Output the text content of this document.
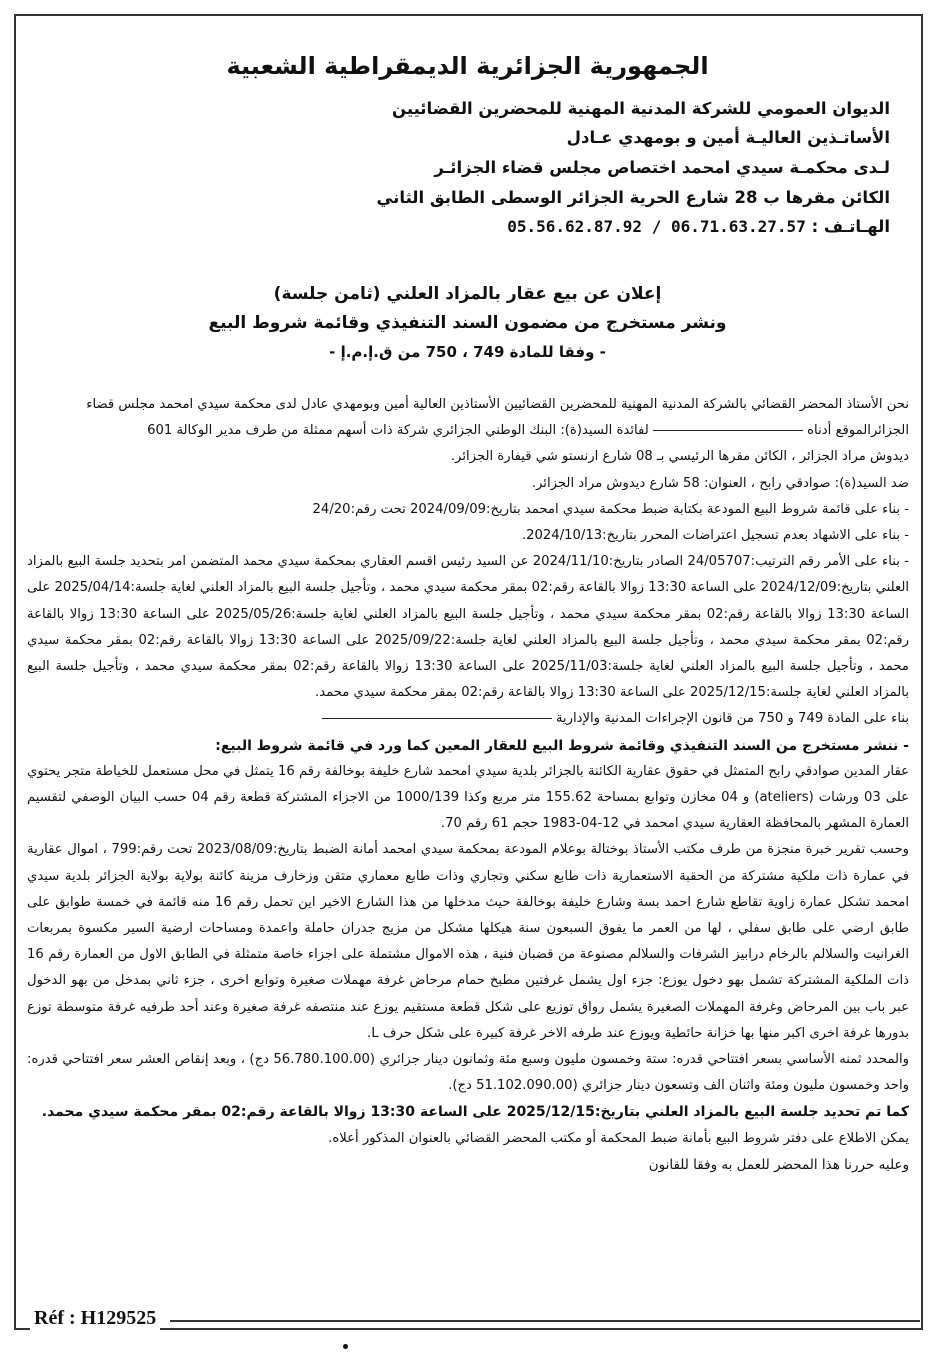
الجمهورية الجزائرية الديمقراطية الشعبية
الديوان العمومي للشركة المدنية المهنية للمحضرين القضائيين
الأساتـذين العاليـة أمين و بومهدي عـادل
لـدى محكمـة سيدي امحمد اختصاص مجلس قضاء الجزائـر
الكائن مقرها ب 28 شارع الحرية الجزائر الوسطى الطابق الثاني
الهـاتـف : 05.56.62.87.92 / 06.71.63.27.57
إعلان عن بيع عقار بالمزاد العلني (ثامن جلسة)
ونشر مستخرج من مضمون السند التنفيذي وقائمة شروط البيع
- وفقا للمادة 749 ، 750 من ق.إ.م.إ -

نحن الأستاذ المحضر القضائي بالشركة المدنية المهنية للمحضرين القضائيين الأستاذين العالية أمين وبومهدي عادل لدى محكمة سيدي امحمد مجلس قضاء

الجزائرالموقع أدناه  لفائدة السيد(ة): البنك الوطني الجزائري شركة ذات أسهم ممثلة من طرف مدير الوكالة 601

ديدوش مراد الجزائر ، الكائن مقرها الرئيسي بـ 08 شارع ارنستو شي قيفارة الجزائر.

ضد السيد(ة): صوادقي رابح ، العنوان: 58 شارع ديدوش مراد الجزائر.

- بناء على قائمة شروط البيع المودعة بكتابة ضبط محكمة سيدي امحمد بتاريخ:2024/09/09 تحت رقم:24/20

- بناء على الاشهاد بعدم تسجيل اعتراضات المحرر بتاريخ:2024/10/13.

- بناء على الأمر رقم الترتيب:24/05707 الصادر بتاريخ:2024/11/10 عن السيد رئيس اقسم العقاري بمحكمة سيدي محمد المتضمن امر بتحديد جلسة البيع بالمزاد العلني بتاريخ:2024/12/09 على الساعة 13:30 زوالا بالقاعة رقم:02 بمقر محكمة سيدي محمد ، وتأجيل جلسة البيع بالمزاد العلني لغاية جلسة:2025/04/14 على الساعة 13:30 زوالا بالقاعة رقم:02 بمقر محكمة سيدي محمد ، وتأجيل جلسة البيع بالمزاد العلني لغاية جلسة:2025/05/26 على الساعة 13:30 زوالا بالقاعة رقم:02 بمقر محكمة سيدي محمد ، وتأجيل جلسة البيع بالمزاد العلني لغاية جلسة:2025/09/22 على الساعة 13:30 زوالا بالقاعة رقم:02 بمقر محكمة سيدي محمد ، وتأجيل جلسة البيع بالمزاد العلني لغاية جلسة:2025/11/03 على الساعة 13:30 زوالا بالقاعة رقم:02 بمقر محكمة سيدي محمد ، وتأجيل جلسة البيع بالمزاد العلني لغاية جلسة:2025/12/15 على الساعة 13:30 زوالا بالقاعة رقم:02 بمقر محكمة سيدي محمد.

بناء على المادة 749 و 750 من قانون الإجراءات المدنية والإدارية

- ننشر مستخرج من السند التنفيذي وقائمة شروط البيع للعقار المعين كما ورد في قائمة شروط البيع:

عقار المدين صوادقي رابح المتمثل في حقوق عقارية الكائنة بالجزائر بلدية سيدي امحمد شارع خليفة بوخالفة رقم 16 يتمثل في محل مستعمل للخياطة متجر يحتوي على 03 ورشات (ateliers) و 04 مخازن وتوابع بمساحة 155.62 متر مربع وكذا 1000/139 من الاجزاء المشتركة قطعة رقم 04 حسب البيان الوصفي لتقسيم العمارة المشهر بالمحافظة العقارية سيدي امحمد في 12-04-1983 حجم 61 رقم 70.

وحسب تقرير خبرة منجزة من طرف مكتب الأستاذ بوختالة بوعلام المودعة بمحكمة سيدي امحمد أمانة الضبط بتاريخ:2023/08/09 تحت رقم:799 ، اموال عقارية في عمارة ذات ملكية مشتركة من الحقبة الاستعمارية ذات طابع سكني وتجاري وذات طابع معماري متقن وزخارف مزينة كائنة بولاية بولاية الجزائر بلدية سيدي امحمد تشكل عمارة زاوية تقاطع شارع احمد بسة وشارع خليفة بوخالفة حيث مدخلها من هذا الشارع الاخير اين تحمل رقم 16 منه قائمة في خمسة طوابق على طابق ارضي على طابق سفلي ، لها من العمر ما يفوق السبعون سنة هيكلها مشكل من مزيج جدران حاملة واعمدة ومساحات ارضية السير مكسوة بمربعات الغرانيت والسلالم بالرخام درابيز الشرفات والسلالم مصنوعة من قضبان فنية ، هذه الاموال مشتملة على اجزاء خاصة متمثلة في الطابق الاول من العمارة رقم 16 ذات الملكية المشتركة تشمل بهو دخول يوزع: جزء اول يشمل غرفتين مطبخ حمام مرحاض غرفة مهملات صغيرة وتوابع اخرى ، جزء ثاني بمدخل من بهو الدخول عبر باب بين المرحاض وغرفة المهملات الصغيرة يشمل رواق توزيع على شكل قطعة مستقيم يوزع عند منتصفه غرفة صغيرة وعند أحد طرفيه غرفة متوسطة توزع بدورها غرفة اخرى اكبر منها بها خزانة حائطية ويوزع عند طرفه الاخر غرفة كبيرة على شكل حرف L.

والمحدد ثمنه الأساسي بسعر افتتاحي قدره: ستة وخمسون مليون وسبع مئة وثمانون دينار جزائري (56.780.100.00 دج) ، وبعد إنقاص العشر سعر افتتاحي قدره: واحد وخمسون مليون ومئة واثنان الف وتسعون دينار جزائري (51.102.090.00 دج).

كما تم تحديد جلسة البيع بالمزاد العلني بتاريخ:2025/12/15 على الساعة 13:30 زوالا بالقاعة رقم:02 بمقر محكمة سيدي محمد.

يمكن الاطلاع على دفتر شروط البيع بأمانة ضبط المحكمة أو مكتب المحضر القضائي بالعنوان المذكور أعلاه.

وعليه حررنا هذا المحضر للعمل به وفقا للقانون

Réf : H129525
